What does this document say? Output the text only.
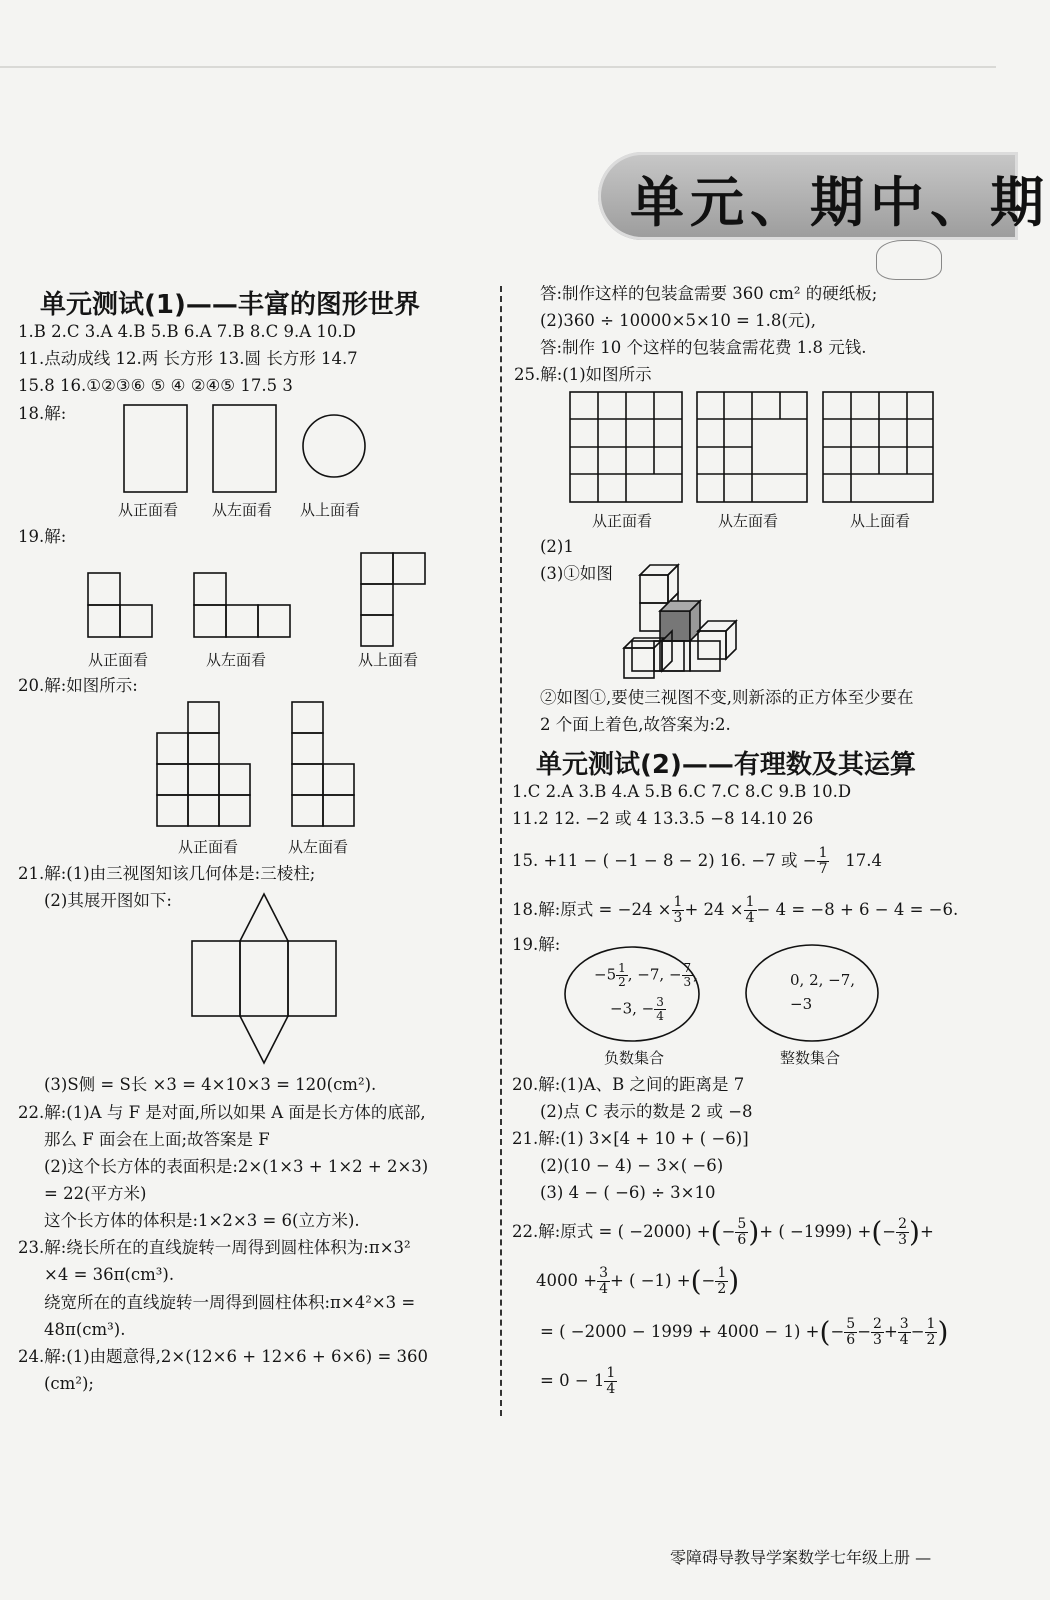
单元、期中、期
单元测试(1)——丰富的图形世界
1.B 2.C 3.A 4.B 5.B 6.A 7.B 8.C 9.A 10.D
11.点动成线 12.两 长方形 13.圆 长方形 14.7
15.8 16.①②③⑥ ⑤ ④ ②④⑤ 17.5 3
18.解:
从正面看 从左面看 从上面看
19.解:
从正面看	从左面看	从上面看
20.解:如图所示:
从正面看	从左面看
21.解:(1)由三视图知该几何体是:三棱柱;
(2)其展开图如下:
(3)S侧 = S长 ×3 = 4×10×3 = 120(cm²).
22.解:(1)A 与 F 是对面,所以如果 A 面是长方体的底部,
那么 F 面会在上面;故答案是 F
(2)这个长方体的表面积是:2×(1×3 + 1×2 + 2×3)
= 22(平方米)
这个长方体的体积是:1×2×3 = 6(立方米).
23.解:绕长所在的直线旋转一周得到圆柱体积为:π×3²
×4 = 36π(cm³).
绕宽所在的直线旋转一周得到圆柱体积:π×4²×3 =
48π(cm³).
24.解:(1)由题意得,2×(12×6 + 12×6 + 6×6) = 360
(cm²);
答:制作这样的包装盒需要 360 cm² 的硬纸板;
(2)360 ÷ 10000×5×10 = 1.8(元),
答:制作 10 个这样的包装盒需花费 1.8 元钱.
25.解:(1)如图所示
从正面看	从左面看	从上面看
(2)1
(3)①如图
②如图①,要使三视图不变,则新添的正方体至少要在
2 个面上着色,故答案为:2.
单元测试(2)——有理数及其运算
1.C 2.A 3.B 4.A 5.B 6.C 7.C 8.C 9.B 10.D
11.2 12. −2 或 4 13.3.5 −8 14.10 26
15. +11 − ( −1 − 8 − 2) 16. −7 或 − $\frac{1}{7} 17.4$
18.解:原式 = $-24 \times \frac{1}{3} + 24 \times \frac{1}{4} - 4 = -8 + 6 - 4 = -6$.
19.解:
$-5 \frac{1}{2}$ , −7, − $\frac{7}{3}$ ,
−3, − $\frac{3}{4}$
0, 2, −7,
−3
负数集合	整数集合
20.解:(1)A、B 之间的距离是 7
(2)点 C 表示的数是 2 或 −8
21.解:(1) 3×[4 + 10 + ( −6)]
(2)(10 − 4) − 3×( −6)
(3) 4 − ( −6) ÷ 3×10
22.解:原式 = ( −2000) +(− $\frac{5}{6}$ )+ ( −1999) +(− $\frac{2}{3}$ )+
$4000 + \frac{3}{4}$ + ( −1) +(− $\frac{1}{2}$ )
= ( −2000 − 1999 + 4000 − 1) +(− $\frac{5}{6} - \frac{2}{3} + \frac{3}{4} - \frac{1}{2}$ )
= $0 - 1 \frac{1}{4}$
零障碍导教导学案数学七年级上册 —
